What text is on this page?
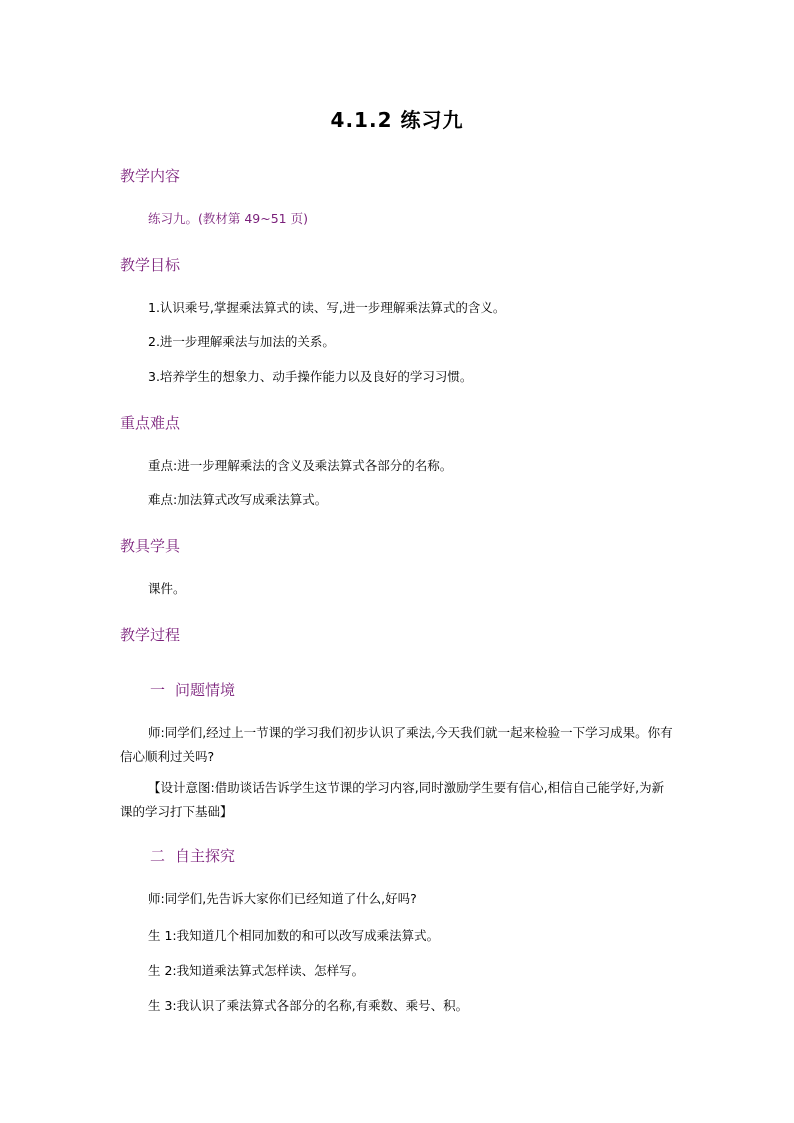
4.1.2 练习九
教学内容
练习九。(教材第 49~51 页)
教学目标
1.认识乘号,掌握乘法算式的读、写,进一步理解乘法算式的含义。
2.进一步理解乘法与加法的关系。
3.培养学生的想象力、动手操作能力以及良好的学习习惯。
重点难点
重点:进一步理解乘法的含义及乘法算式各部分的名称。
难点:加法算式改写成乘法算式。
教具学具
课件。
教学过程
一 问题情境
师:同学们,经过上一节课的学习我们初步认识了乘法,今天我们就一起来检验一下学习成果。你有信心顺利过关吗?
【设计意图:借助谈话告诉学生这节课的学习内容,同时激励学生要有信心,相信自己能学好,为新课的学习打下基础】
二 自主探究
师:同学们,先告诉大家你们已经知道了什么,好吗?
生 1:我知道几个相同加数的和可以改写成乘法算式。
生 2:我知道乘法算式怎样读、怎样写。
生 3:我认识了乘法算式各部分的名称,有乘数、乘号、积。
